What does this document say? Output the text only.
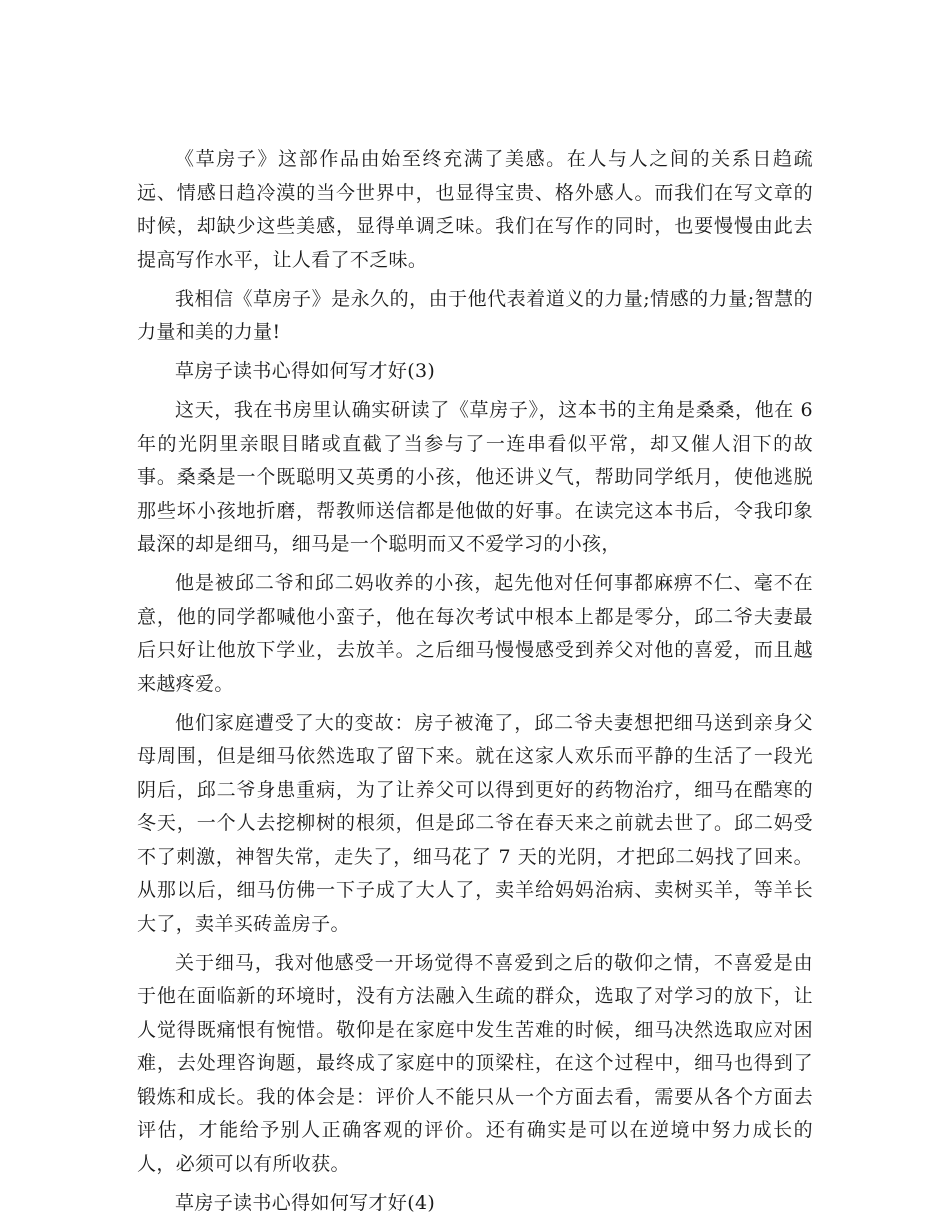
《草房子》这部作品由始至终充满了美感。在人与人之间的关系日趋疏远、情感日趋冷漠的当今世界中，也显得宝贵、格外感人。而我们在写文章的时候，却缺少这些美感，显得单调乏味。我们在写作的同时，也要慢慢由此去提高写作水平，让人看了不乏味。

我相信《草房子》是永久的，由于他代表着道义的力量;情感的力量;智慧的力量和美的力量!

草房子读书心得如何写才好(3)

这天，我在书房里认确实研读了《草房子》，这本书的主角是桑桑，他在 6 年的光阴里亲眼目睹或直截了当参与了一连串看似平常，却又催人泪下的故事。桑桑是一个既聪明又英勇的小孩，他还讲义气，帮助同学纸月，使他逃脱那些坏小孩地折磨，帮教师送信都是他做的好事。在读完这本书后，令我印象最深的却是细马，细马是一个聪明而又不爱学习的小孩，

他是被邱二爷和邱二妈收养的小孩，起先他对任何事都麻痹不仁、毫不在意，他的同学都喊他小蛮子，他在每次考试中根本上都是零分，邱二爷夫妻最后只好让他放下学业，去放羊。之后细马慢慢感受到养父对他的喜爱，而且越来越疼爱。

他们家庭遭受了大的变故：房子被淹了，邱二爷夫妻想把细马送到亲身父母周围，但是细马依然选取了留下来。就在这家人欢乐而平静的生活了一段光阴后，邱二爷身患重病，为了让养父可以得到更好的药物治疗，细马在酷寒的冬天，一个人去挖柳树的根须，但是邱二爷在春天来之前就去世了。邱二妈受不了刺激，神智失常，走失了，细马花了 7 天的光阴，才把邱二妈找了回来。从那以后，细马仿佛一下子成了大人了，卖羊给妈妈治病、卖树买羊，等羊长大了，卖羊买砖盖房子。

关于细马，我对他感受一开场觉得不喜爱到之后的敬仰之情，不喜爱是由于他在面临新的环境时，没有方法融入生疏的群众，选取了对学习的放下，让人觉得既痛恨有惋惜。敬仰是在家庭中发生苦难的时候，细马决然选取应对困难，去处理咨询题，最终成了家庭中的顶梁柱，在这个过程中，细马也得到了锻炼和成长。我的体会是：评价人不能只从一个方面去看，需要从各个方面去评估，才能给予别人正确客观的评价。还有确实是可以在逆境中努力成长的人，必须可以有所收获。

草房子读书心得如何写才好(4)
